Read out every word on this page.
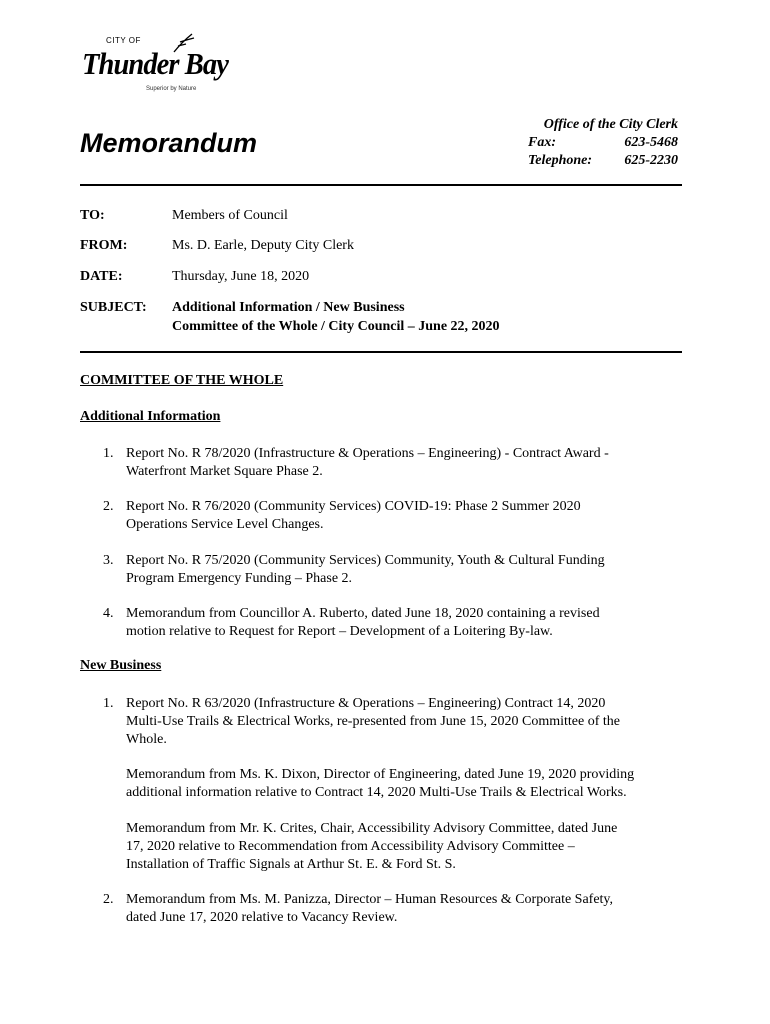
CITY OF
Thunder Bay
Superior by Nature
Memorandum
Office of the City Clerk
Fax:	623-5468
Telephone: 625-2230
TO:	Members of Council
FROM:	Ms. D. Earle, Deputy City Clerk
DATE:	Thursday, June 18, 2020
SUBJECT: Additional Information / New Business
Committee of the Whole / City Council – June 22, 2020
COMMITTEE OF THE WHOLE
Additional Information
1. Report No. R 78/2020 (Infrastructure & Operations – Engineering) - Contract Award -
Waterfront Market Square Phase 2.
2. Report No. R 76/2020 (Community Services) COVID-19: Phase 2 Summer 2020
Operations Service Level Changes.
3. Report No. R 75/2020 (Community Services) Community, Youth & Cultural Funding
Program Emergency Funding – Phase 2.
4. Memorandum from Councillor A. Ruberto, dated June 18, 2020 containing a revised
motion relative to Request for Report – Development of a Loitering By-law.
New Business
1. Report No. R 63/2020 (Infrastructure & Operations – Engineering) Contract 14, 2020
Multi-Use Trails & Electrical Works, re-presented from June 15, 2020 Committee of the
Whole.
Memorandum from Ms. K. Dixon, Director of Engineering, dated June 19, 2020 providing
additional information relative to Contract 14, 2020 Multi-Use Trails & Electrical Works.
Memorandum from Mr. K. Crites, Chair, Accessibility Advisory Committee, dated June
17, 2020 relative to Recommendation from Accessibility Advisory Committee –
Installation of Traffic Signals at Arthur St. E. & Ford St. S.
2. Memorandum from Ms. M. Panizza, Director – Human Resources & Corporate Safety,
dated June 17, 2020 relative to Vacancy Review.
